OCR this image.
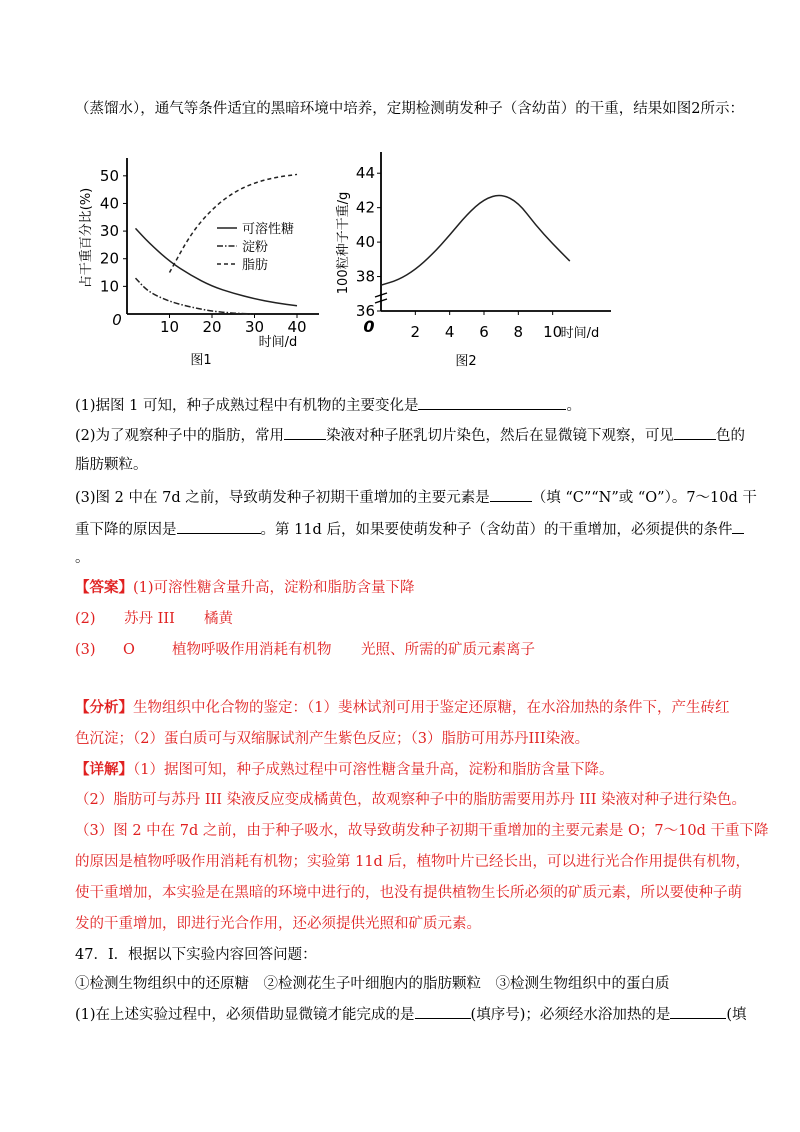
（蒸馏水），通气等条件适宜的黑暗环境中培养，定期检测萌发种子（含幼苗）的干重，结果如图2所示：
0
占干重百分比(%)
时间/d
图1
可溶性糖
淀粉
脂肪
10 20 30 40
10
20
30
40
50
0
100粒种子干重/g
时间/d
图2
2 4 6 8 10
36
38
40
42
44
(1)据图 1 可知，种子成熟过程中有机物的主要变化是	。
(2)为了观察种子中的脂肪，常用	染液对种子胚乳切片染色，然后在显微镜下观察，可见	色的
脂肪颗粒。
(3)图 2 中在 7d 之前，导致萌发种子初期干重增加的主要元素是	（填 “C”“N”或 “O”）。7～10d 干
重下降的原因是	。第 11d 后，如果要使萌发种子（含幼苗）的干重增加，必须提供的条件
。
【答案】(1)可溶性糖含量升高，淀粉和脂肪含量下降
(2) 苏丹 III 橘黄
(3) O	植物呼吸作用消耗有机物 光照、所需的矿质元素离子
【分析】生物组织中化合物的鉴定：（1）斐林试剂可用于鉴定还原糖，在水浴加热的条件下，产生砖红
色沉淀；（2）蛋白质可与双缩脲试剂产生紫色反应；（3）脂肪可用苏丹III染液。
【详解】（1）据图可知，种子成熟过程中可溶性糖含量升高，淀粉和脂肪含量下降。
（2）脂肪可与苏丹 III 染液反应变成橘黄色，故观察种子中的脂肪需要用苏丹 III 染液对种子进行染色。
（3）图 2 中在 7d 之前，由于种子吸水，故导致萌发种子初期干重增加的主要元素是 O；7～10d 干重下降
的原因是植物呼吸作用消耗有机物；实验第 11d 后，植物叶片已经长出，可以进行光合作用提供有机物，
使干重增加，本实验是在黑暗的环境中进行的，也没有提供植物生长所必须的矿质元素，所以要使种子萌
发的干重增加，即进行光合作用，还必须提供光照和矿质元素。
47．Ⅰ．根据以下实验内容回答问题：
①检测生物组织中的还原糖　②检测花生子叶细胞内的脂肪颗粒　③检测生物组织中的蛋白质
(1)在上述实验过程中，必须借助显微镜才能完成的是	(填序号)；必须经水浴加热的是	(填
